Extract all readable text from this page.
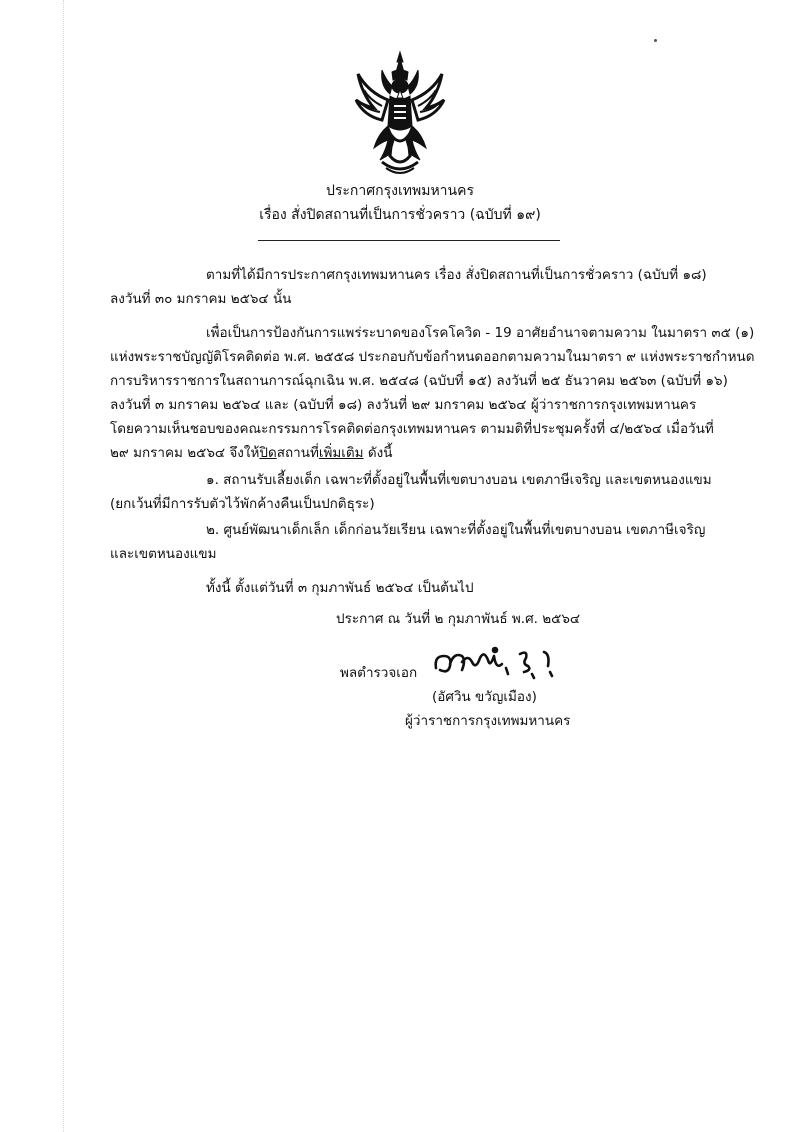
ประกาศกรุงเทพมหานคร
เรื่อง สั่งปิดสถานที่เป็นการชั่วคราว (ฉบับที่ ๑๙)
ตามที่ได้มีการประกาศกรุงเทพมหานคร เรื่อง สั่งปิดสถานที่เป็นการชั่วคราว (ฉบับที่ ๑๘)
ลงวันที่ ๓๐ มกราคม ๒๕๖๔ นั้น
เพื่อเป็นการป้องกันการแพร่ระบาดของโรคโควิด - 19 อาศัยอำนาจตามความ ในมาตรา ๓๕ (๑)
แห่งพระราชบัญญัติโรคติดต่อ พ.ศ. ๒๕๕๘ ประกอบกับข้อกำหนดออกตามความในมาตรา ๙ แห่งพระราชกำหนด
การบริหารราชการในสถานการณ์ฉุกเฉิน พ.ศ. ๒๕๔๘ (ฉบับที่ ๑๕) ลงวันที่ ๒๕ ธันวาคม ๒๕๖๓ (ฉบับที่ ๑๖)
ลงวันที่ ๓ มกราคม ๒๕๖๔ และ (ฉบับที่ ๑๘) ลงวันที่ ๒๙ มกราคม ๒๕๖๔ ผู้ว่าราชการกรุงเทพมหานคร
โดยความเห็นชอบของคณะกรรมการโรคติดต่อกรุงเทพมหานคร ตามมติที่ประชุมครั้งที่ ๔/๒๕๖๔ เมื่อวันที่
๒๙ มกราคม ๒๕๖๔ จึงให้ปิดสถานที่เพิ่มเติม ดังนี้
๑. สถานรับเลี้ยงเด็ก เฉพาะที่ตั้งอยู่ในพื้นที่เขตบางบอน เขตภาษีเจริญ และเขตหนองแขม
(ยกเว้นที่มีการรับตัวไว้พักค้างคืนเป็นปกติธุระ)
๒. ศูนย์พัฒนาเด็กเล็ก เด็กก่อนวัยเรียน เฉพาะที่ตั้งอยู่ในพื้นที่เขตบางบอน เขตภาษีเจริญ
และเขตหนองแขม
ทั้งนี้ ตั้งแต่วันที่ ๓ กุมภาพันธ์ ๒๕๖๔ เป็นต้นไป
ประกาศ ณ วันที่ ๒ กุมภาพันธ์ พ.ศ. ๒๕๖๔
พลตำรวจเอก
(อัศวิน ขวัญเมือง)
ผู้ว่าราชการกรุงเทพมหานคร
